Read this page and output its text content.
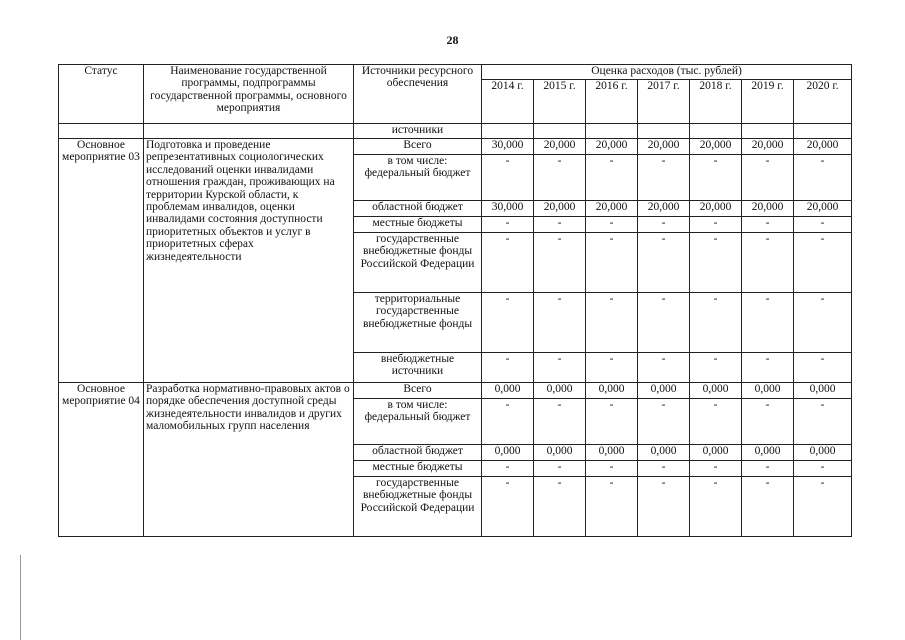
28
Статус	Наименование государственной программы, подпрограммы государственной программы, основного мероприятия	Источники ресурсного обеспечения	Оценка расходов (тыс. рублей)						
			2014 г.	2015 г.	2016 г.	2017 г.	2018 г.	2019 г.	2020 г.
		источники							
Основное мероприятие 03	Подготовка и проведение репрезентативных социологических исследований оценки инвалидами отношения граждан, проживающих на территории Курской области, к проблемам инвалидов, оценки инвалидами состояния доступности приоритетных объектов и услуг в приоритетных сферах жизнедеятельности	Всего	30,000	20,000	20,000	20,000	20,000	20,000	20,000
		в том числе: федеральный бюджет	-	-	-	-	-	-	-
		областной бюджет	30,000	20,000	20,000	20,000	20,000	20,000	20,000
		местные бюджеты	-	-	-	-	-	-	-
		государственные внебюджетные фонды Российской Федерации	-	-	-	-	-	-	-
		территориальные государственные внебюджетные фонды	-	-	-	-	-	-	-
		внебюджетные источники	-	-	-	-	-	-	-
Основное мероприятие 04	Разработка нормативно-правовых актов о порядке обеспечения доступной среды жизнедеятельности инвалидов и других маломобильных групп населения	Всего	0,000	0,000	0,000	0,000	0,000	0,000	0,000
		в том числе: федеральный бюджет	-	-	-	-	-	-	-
		областной бюджет	0,000	0,000	0,000	0,000	0,000	0,000	0,000
		местные бюджеты	-	-	-	-	-	-	-
		государственные внебюджетные фонды Российской Федерации	-	-	-	-	-	-	-
